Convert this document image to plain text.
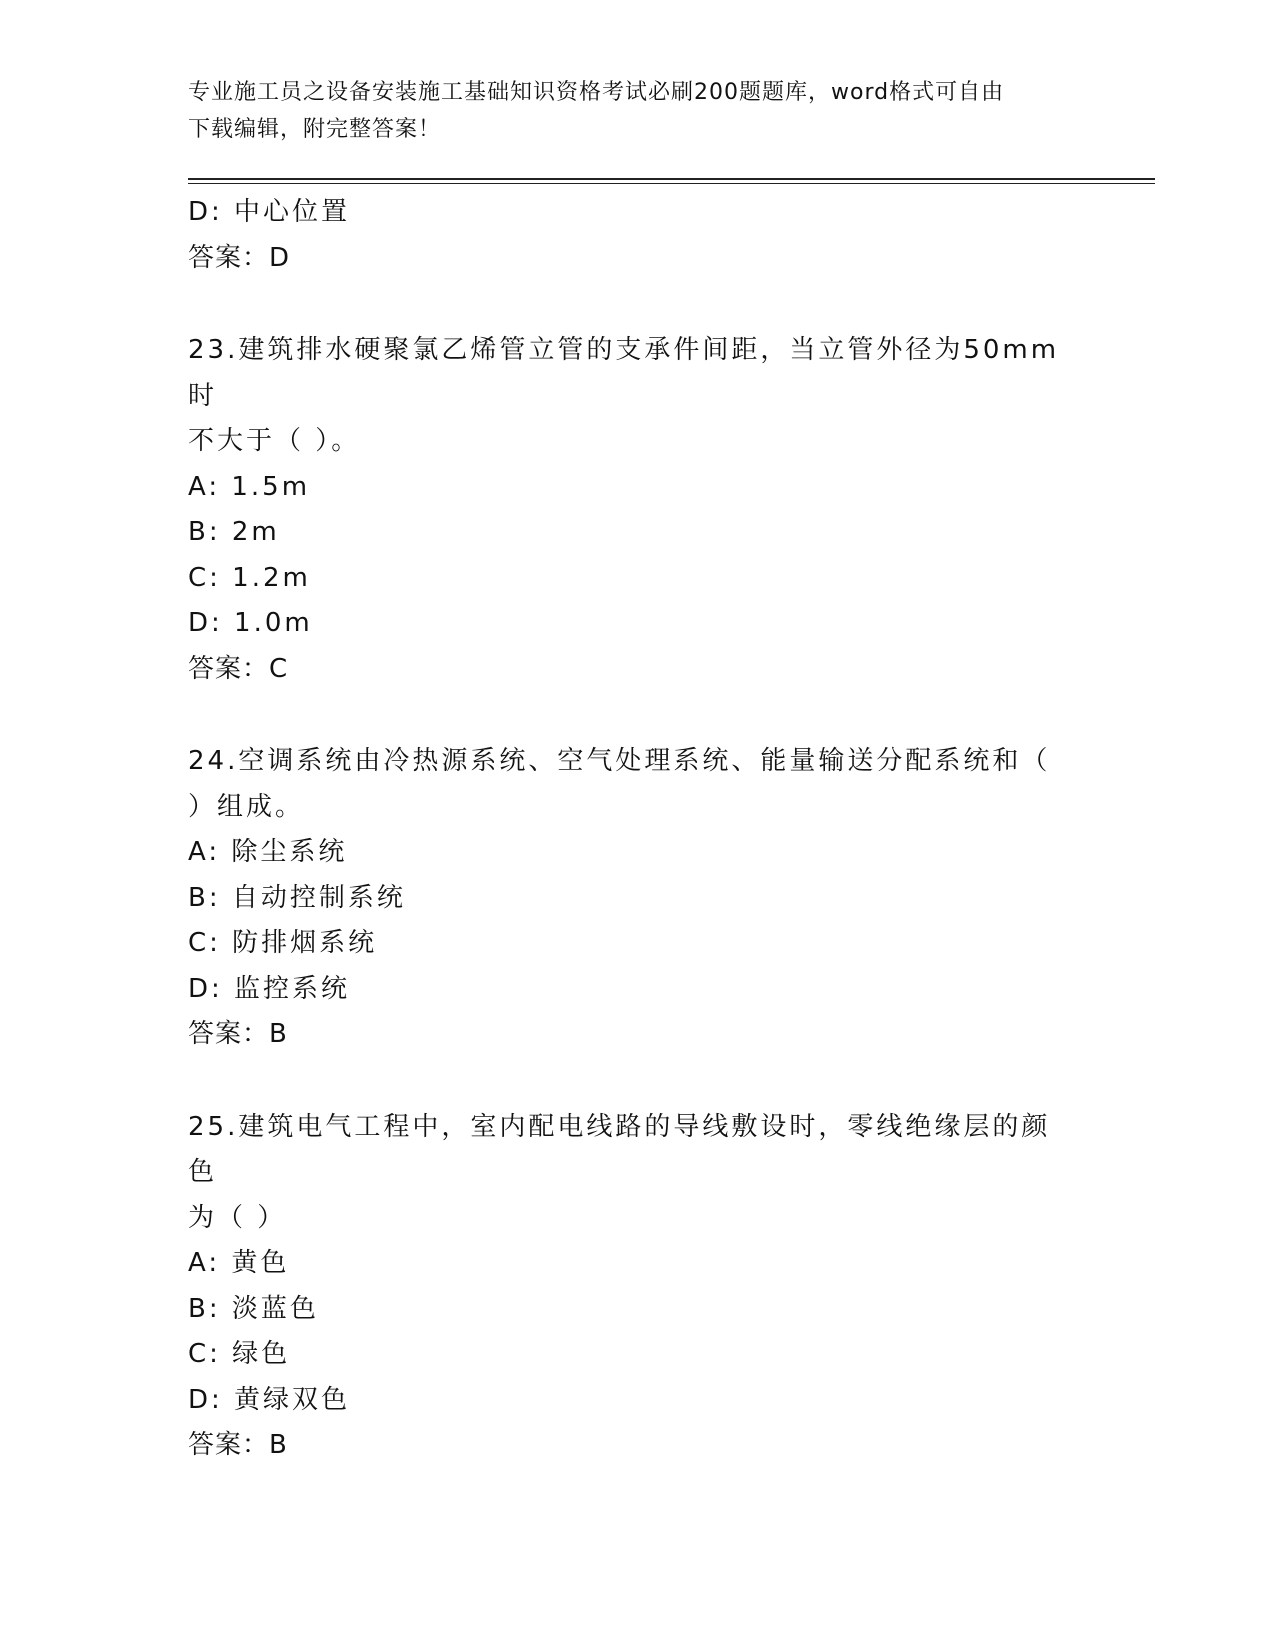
专业施工员之设备安装施工基础知识资格考试必刷200题题库，word格式可自由
下载编辑，附完整答案！
D: 中心位置
答案：D
23.建筑排水硬聚氯乙烯管立管的支承件间距，当立管外径为50mm时
不大于（ ）。
A: 1.5m
B: 2m
C: 1.2m
D: 1.0m
答案：C
24.空调系统由冷热源系统、空气处理系统、能量输送分配系统和（
）组成。
A: 除尘系统
B: 自动控制系统
C: 防排烟系统
D: 监控系统
答案：B
25.建筑电气工程中，室内配电线路的导线敷设时，零线绝缘层的颜色
为（ ）
A: 黄色
B: 淡蓝色
C: 绿色
D: 黄绿双色
答案：B
